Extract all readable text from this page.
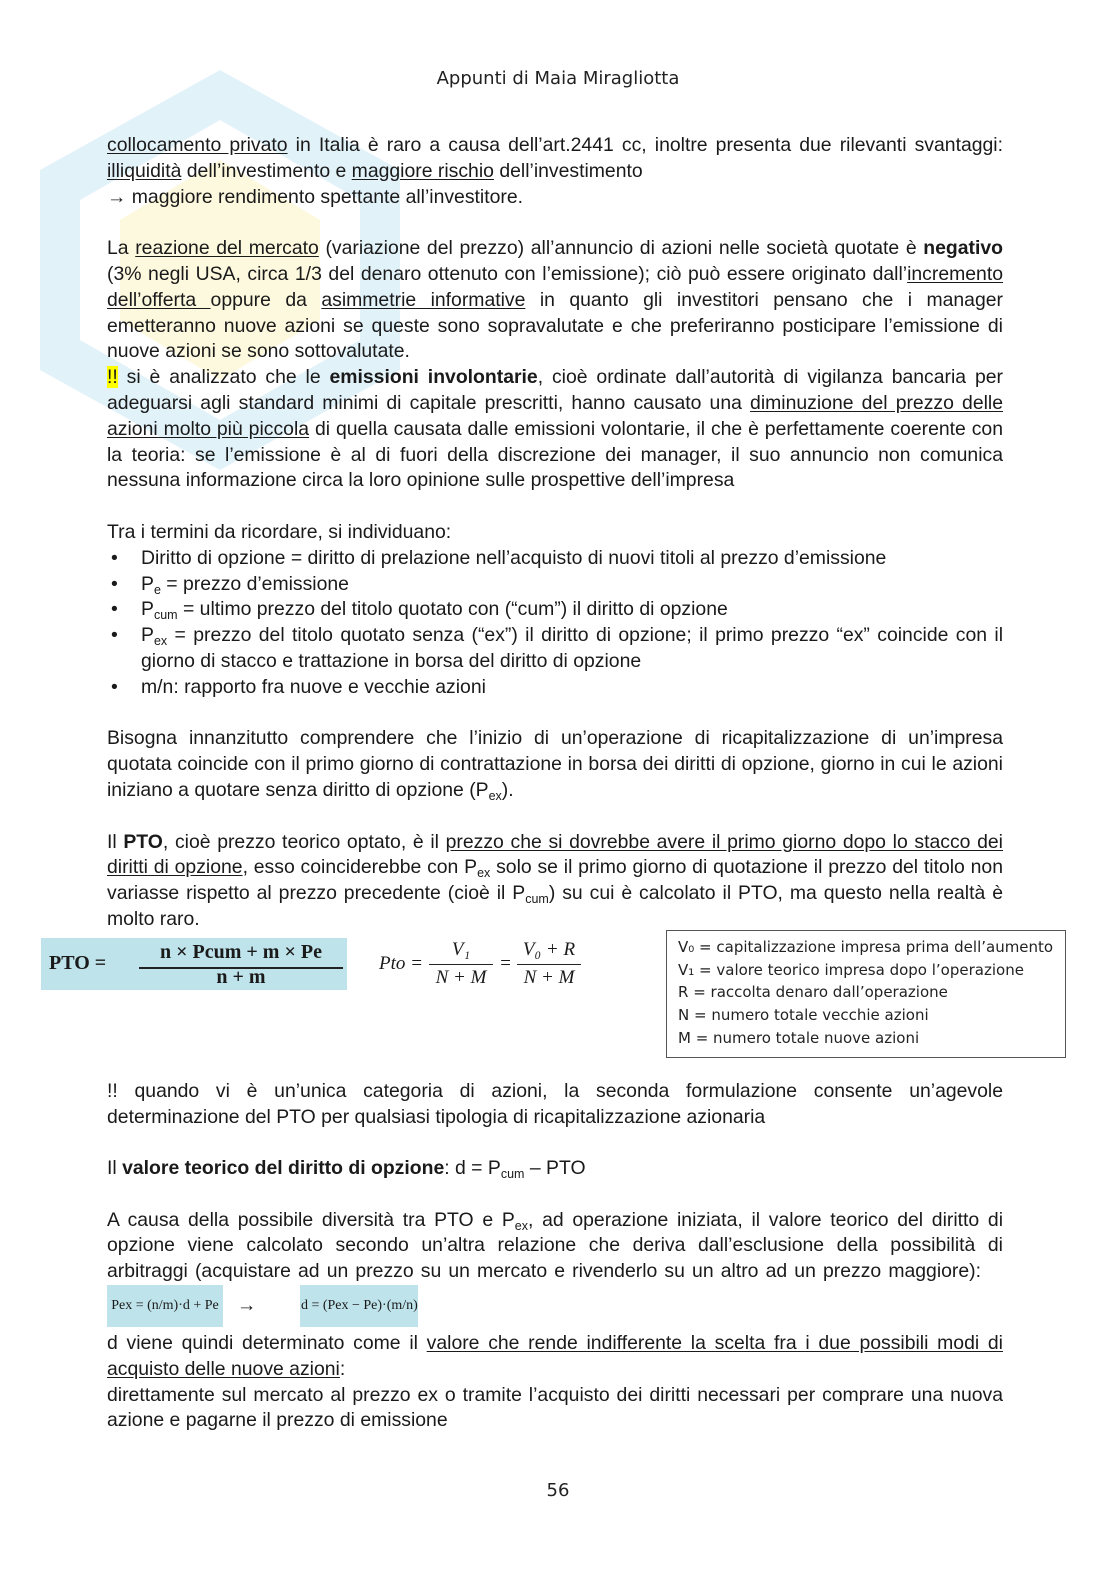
Appunti di Maia Miragliotta

collocamento privato in Italia è raro a causa dell’art.2441 cc, inoltre presenta due rilevanti svantaggi: illiquidità dell’investimento e maggiore rischio dell’investimento

→ maggiore rendimento spettante all’investitore.

La reazione del mercato (variazione del prezzo) all’annuncio di azioni nelle società quotate è negativo (3% negli USA, circa 1/3 del denaro ottenuto con l’emissione); ciò può essere originato dall’incremento dell’offerta oppure da asimmetrie informative in quanto gli investitori pensano che i manager emetteranno nuove azioni se queste sono sopravalutate e che preferiranno posticipare l’emissione di nuove azioni se sono sottovalutate.

!! si è analizzato che le emissioni involontarie, cioè ordinate dall’autorità di vigilanza bancaria per adeguarsi agli standard minimi di capitale prescritti, hanno causato una diminuzione del prezzo delle azioni molto più piccola di quella causata dalle emissioni volontarie, il che è perfettamente coerente con la teoria: se l’emissione è al di fuori della discrezione dei manager, il suo annuncio non comunica nessuna informazione circa la loro opinione sulle prospettive dell’impresa

Tra i termini da ricordare, si individuano:

• Diritto di opzione = diritto di prelazione nell’acquisto di nuovi titoli al prezzo d’emissione
• $P_e$ = prezzo d’emissione
• $P_{cum}$ = ultimo prezzo del titolo quotato con (“cum”) il diritto di opzione
• $P_{ex}$ = prezzo del titolo quotato senza (“ex”) il diritto di opzione; il primo prezzo “ex” coincide con il giorno di stacco e trattazione in borsa del diritto di opzione
• m/n: rapporto fra nuove e vecchie azioni

Bisogna innanzitutto comprendere che l’inizio di un’operazione di ricapitalizzazione di un’impresa quotata coincide con il primo giorno di contrattazione in borsa dei diritti di opzione, giorno in cui le azioni iniziano a quotare senza diritto di opzione $(P_{ex})$.

Il PTO, cioè prezzo teorico optato, è il prezzo che si dovrebbe avere il primo giorno dopo lo stacco dei diritti di opzione, esso coinciderebbe con $P_{ex}$ solo se il primo giorno di quotazione il prezzo del titolo non variasse rispetto al prezzo precedente (cioè il $P_{cum}$) su cui è calcolato il PTO, ma questo nella realtà è molto raro.

PTO =	n × Pcum + m × Pe
n + m
Pto = $\frac{\text{V₁}}{N + M} = \frac{\text{V₀ + R}}{N + M}$	V₀ = capitalizzazione impresa prima dell’aumento
V₁ = valore teorico impresa dopo l’operazione
R = raccolta denaro dall’operazione
N = numero totale vecchie azioni
M = numero totale nuove azioni

!! quando vi è un’unica categoria di azioni, la seconda formulazione consente un’agevole determinazione del PTO per qualsiasi tipologia di ricapitalizzazione azionaria

Il valore teorico del diritto di opzione: $d = P_{cum}$ – PTO

A causa della possibile diversità tra PTO e $P_{ex}$, ad operazione iniziata, il valore teorico del diritto di opzione viene calcolato secondo un’altra relazione che deriva dall’esclusione della possibilità di arbitraggi (acquistare ad un prezzo su un mercato e rivenderlo su un altro ad un prezzo maggiore):Pex = (n/m)·d + Pe →	d = (Pex − Pe)·(m/n)

d viene quindi determinato come il valore che rende indifferente la scelta fra i due possibili modi di acquisto delle nuove azioni:

direttamente sul mercato al prezzo ex o tramite l’acquisto dei diritti necessari per comprare una nuova azione e pagarne il prezzo di emissione

56
